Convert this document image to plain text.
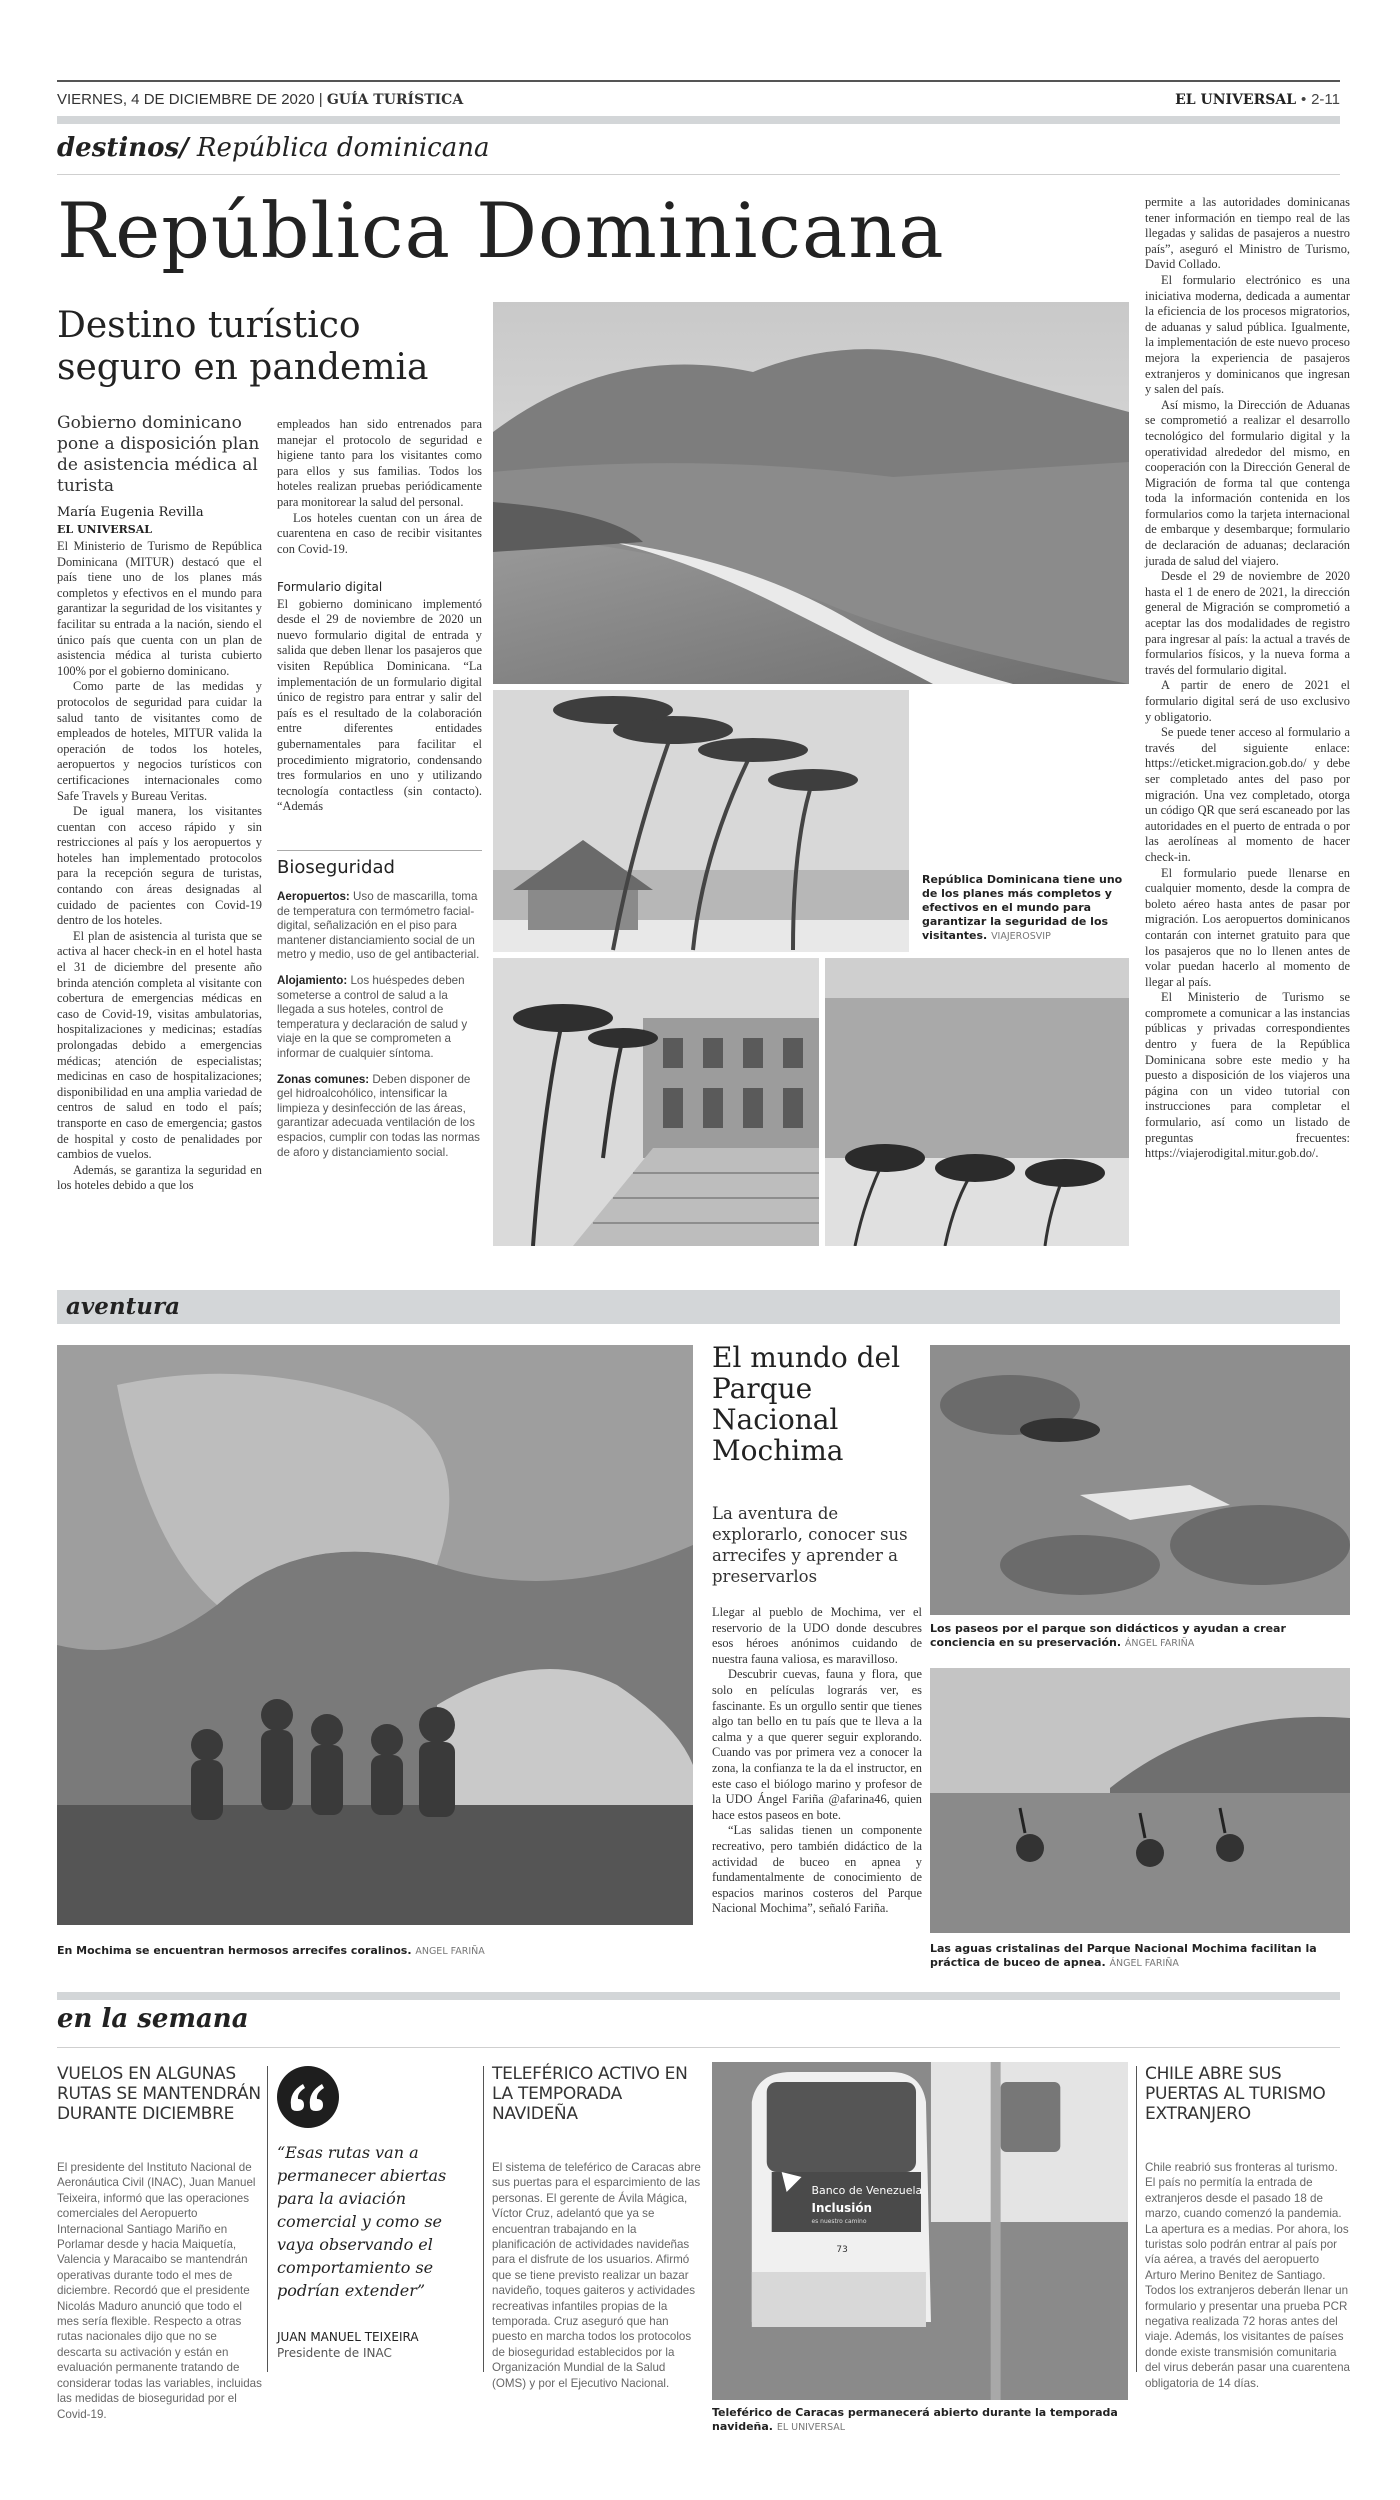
VIERNES, 4 DE DICIEMBRE DE 2020 | GUÍA TURÍSTICA	EL UNIVERSAL • 2-11
destinos/ República dominicana
República Dominicana
Destino turístico seguro en pandemia
Gobierno dominicano pone a disposición plan de asistencia médica al turista
María Eugenia Revilla
EL UNIVERSAL

El Ministerio de Turismo de República Dominicana (MITUR) destacó que el país tiene uno de los planes más completos y efectivos en el mundo para garantizar la seguridad de los visitantes y facilitar su entrada a la nación, siendo el único país que cuenta con un plan de asistencia médica al turista cubierto 100% por el gobierno dominicano.

Como parte de las medidas y protocolos de seguridad para cuidar la salud tanto de visitantes como de empleados de hoteles, MITUR valida la operación de todos los hoteles, aeropuertos y negocios turísticos con certificaciones internacionales como Safe Travels y Bureau Veritas.

De igual manera, los visitantes cuentan con acceso rápido y sin restricciones al país y los aeropuertos y hoteles han implementado protocolos para la recepción segura de turistas, contando con áreas designadas al cuidado de pacientes con Covid-19 dentro de los hoteles.

El plan de asistencia al turista que se activa al hacer check-in en el hotel hasta el 31 de diciembre del presente año brinda atención completa al visitante con cobertura de emergencias médicas en caso de Covid-19, visitas ambulatorias, hospitalizaciones y medicinas; estadías prolongadas debido a emergencias médicas; atención de especialistas; medicinas en caso de hospitalizaciones; disponibilidad en una amplia variedad de centros de salud en todo el país; transporte en caso de emergencia; gastos de hospital y costo de penalidades por cambios de vuelos.

Además, se garantiza la seguridad en los hoteles debido a que los

empleados han sido entrenados para manejar el protocolo de seguridad e higiene tanto para los visitantes como para ellos y sus familias. Todos los hoteles realizan pruebas periódicamente para monitorear la salud del personal.

Los hoteles cuentan con un área de cuarentena en caso de recibir visitantes con Covid-19.

Formulario digital

El gobierno dominicano implementó desde el 29 de noviembre de 2020 un nuevo formulario digital de entrada y salida que deben llenar los pasajeros que visiten República Dominicana. “La implementación de un formulario digital único de registro para entrar y salir del país es el resultado de la colaboración entre diferentes entidades gubernamentales para facilitar el procedimiento migratorio, condensando tres formularios en uno y utilizando tecnología contactless (sin contacto). “Además

Bioseguridad
Aeropuertos: Uso de mascarilla, toma de temperatura con termómetro facial-digital, señalización en el piso para mantener distanciamiento social de un metro y medio, uso de gel antibacterial.
Alojamiento: Los huéspedes deben someterse a control de salud a la llegada a sus hoteles, control de temperatura y declaración de salud y viaje en la que se comprometen a informar de cualquier síntoma.
Zonas comunes: Deben disponer de gel hidroalcohólico, intensificar la limpieza y desinfección de las áreas, garantizar adecuada ventilación de los espacios, cumplir con todas las normas de aforo y distanciamiento social.
República Dominicana tiene uno de los planes más completos y efectivos en el mundo para garantizar la seguridad de los visitantes. VIAJEROSVIP

permite a las autoridades dominicanas tener información en tiempo real de las llegadas y salidas de pasajeros a nuestro país”, aseguró el Ministro de Turismo, David Collado.

El formulario electrónico es una iniciativa moderna, dedicada a aumentar la eficiencia de los procesos migratorios, de aduanas y salud pública. Igualmente, la implementación de este nuevo proceso mejora la experiencia de pasajeros extranjeros y dominicanos que ingresan y salen del país.

Así mismo, la Dirección de Aduanas se comprometió a realizar el desarrollo tecnológico del formulario digital y la operatividad alrededor del mismo, en cooperación con la Dirección General de Migración de forma tal que contenga toda la información contenida en los formularios como la tarjeta internacional de embarque y desembarque; formulario de declaración de aduanas; declaración jurada de salud del viajero.

Desde el 29 de noviembre de 2020 hasta el 1 de enero de 2021, la dirección general de Migración se comprometió a aceptar las dos modalidades de registro para ingresar al país: la actual a través de formularios físicos, y la nueva forma a través del formulario digital.

A partir de enero de 2021 el formulario digital será de uso exclusivo y obligatorio.

Se puede tener acceso al formulario a través del siguiente enlace: https://eticket.migracion.gob.do/ y debe ser completado antes del paso por migración. Una vez completado, otorga un código QR que será escaneado por las autoridades en el puerto de entrada o por las aerolíneas al momento de hacer check-in.

El formulario puede llenarse en cualquier momento, desde la compra de boleto aéreo hasta antes de pasar por migración. Los aeropuertos dominicanos contarán con internet gratuito para que los pasajeros que no lo llenen antes de volar puedan hacerlo al momento de llegar al país.

El Ministerio de Turismo se compromete a comunicar a las instancias públicas y privadas correspondientes dentro y fuera de la República Dominicana sobre este medio y ha puesto a disposición de los viajeros una página con un video tutorial con instrucciones para completar el formulario, así como un listado de preguntas frecuentes: https://viajerodigital.mitur.gob.do/.

aventura
En Mochima se encuentran hermosos arrecifes coralinos. ANGEL FARIÑA
El mundo del Parque Nacional Mochima
La aventura de explorarlo, conocer sus arrecifes y aprender a preservarlos

Llegar al pueblo de Mochima, ver el reservorio de la UDO donde descubres esos héroes anónimos cuidando de nuestra fauna valiosa, es maravilloso.

Descubrir cuevas, fauna y flora, que solo en películas lograrás ver, es fascinante. Es un orgullo sentir que tienes algo tan bello en tu país que te lleva a la calma y a que querer seguir explorando. Cuando vas por primera vez a conocer la zona, la confianza te la da el instructor, en este caso el biólogo marino y profesor de la UDO Ángel Fariña @afarina46, quien hace estos paseos en bote.

“Las salidas tienen un componente recreativo, pero también didáctico de la actividad de buceo en apnea y fundamentalmente de conocimiento de espacios marinos costeros del Parque Nacional Mochima”, señaló Fariña.

Los paseos por el parque son didácticos y ayudan a crear conciencia en su preservación. ÁNGEL FARIÑA
Las aguas cristalinas del Parque Nacional Mochima facilitan la práctica de buceo de apnea. ÁNGEL FARIÑA
en la semana
VUELOS EN ALGUNAS RUTAS SE MANTENDRÁN DURANTE DICIEMBRE
El presidente del Instituto Nacional de Aeronáutica Civil (INAC), Juan Manuel Teixeira, informó que las operaciones comerciales del Aeropuerto Internacional Santiago Mariño en Porlamar desde y hacia Maiquetía, Valencia y Maracaibo se mantendrán operativas durante todo el mes de diciembre. Recordó que el presidente Nicolás Maduro anunció que todo el mes sería flexible. Respecto a otras rutas nacionales dijo que no se descarta su activación y están en evaluación permanente tratando de considerar todas las variables, incluidas las medidas de bioseguridad por el Covid-19.
“Esas rutas van a permanecer abiertas para la aviación comercial y como se vaya observando el comportamiento se podrían extender”
JUAN MANUEL TEIXEIRA
Presidente de INAC
TELEFÉRICO ACTIVO EN LA TEMPORADA NAVIDEÑA
El sistema de teleférico de Caracas abre sus puertas para el esparcimiento de las personas. El gerente de Ávila Mágica, Víctor Cruz, adelantó que ya se encuentran trabajando en la planificación de actividades navideñas para el disfrute de los usuarios. Afirmó que se tiene previsto realizar un bazar navideño, toques gaiteros y actividades recreativas infantiles propias de la temporada. Cruz aseguró que han puesto en marcha todos los protocolos de bioseguridad establecidos por la Organización Mundial de la Salud (OMS) y por el Ejecutivo Nacional.
Banco de Venezuela
Inclusión
es nuestro camino
73
Teleférico de Caracas permanecerá abierto durante la temporada navideña. EL UNIVERSAL
CHILE ABRE SUS PUERTAS AL TURISMO EXTRANJERO
Chile reabrió sus fronteras al turismo. El país no permitía la entrada de extranjeros desde el pasado 18 de marzo, cuando comenzó la pandemia. La apertura es a medias. Por ahora, los turistas solo podrán entrar al país por vía aérea, a través del aeropuerto Arturo Merino Benitez de Santiago. Todos los extranjeros deberán llenar un formulario y presentar una prueba PCR negativa realizada 72 horas antes del viaje. Además, los visitantes de países donde existe transmisión comunitaria del virus deberán pasar una cuarentena obligatoria de 14 días.
